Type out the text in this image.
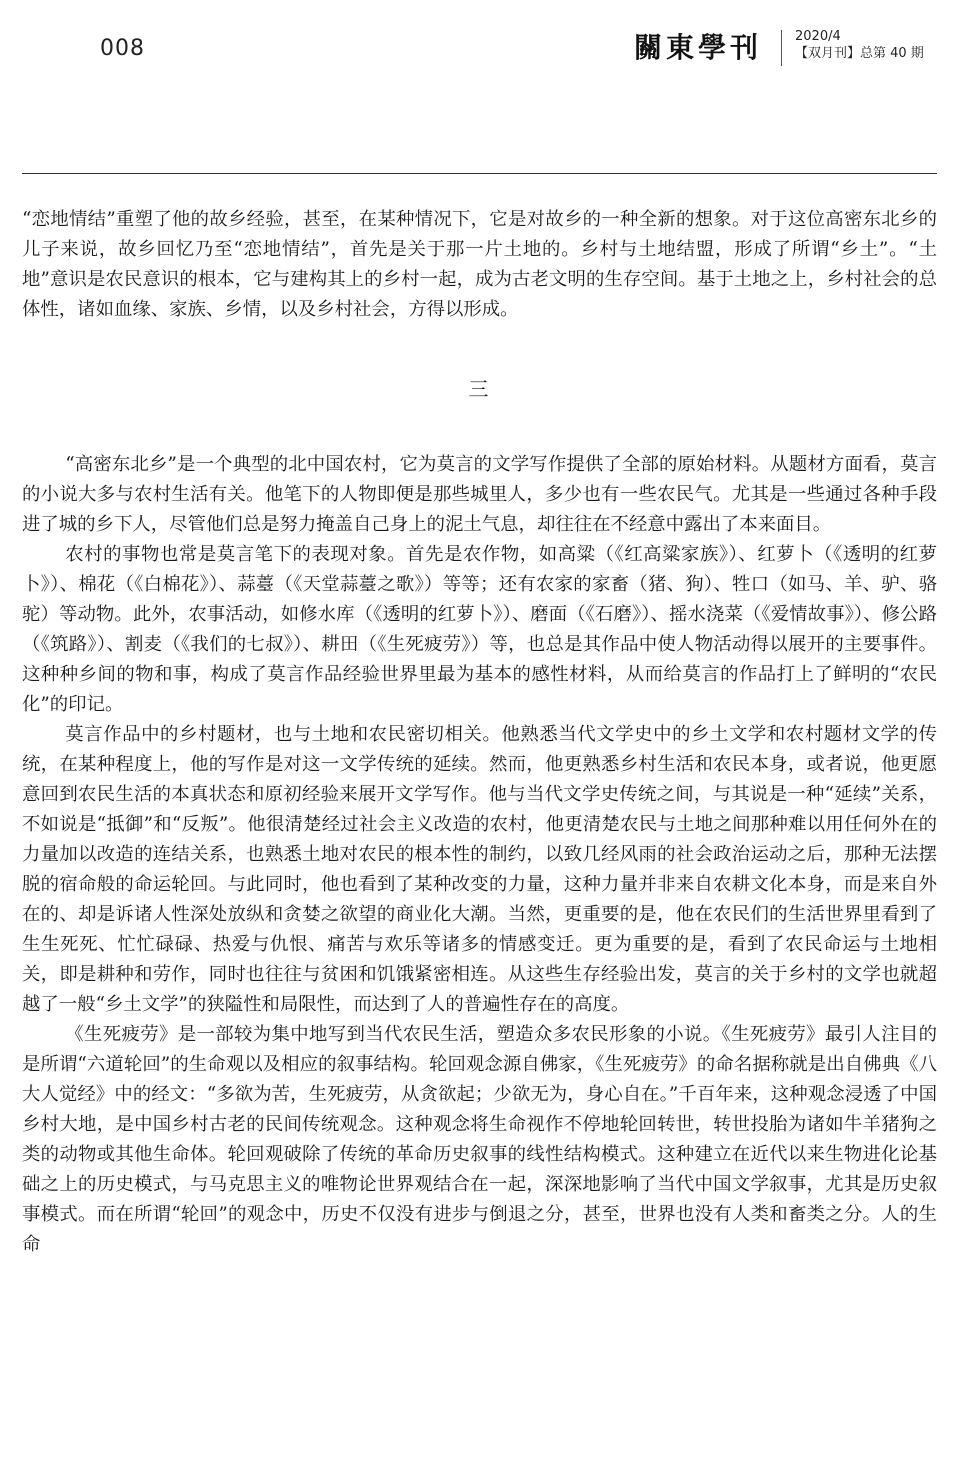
008	關東學刊	2020/4
【双月刊】总第 40 期

“恋地情结”重塑了他的故乡经验，甚至，在某种情况下，它是对故乡的一种全新的想象。对于这位高密东北乡的儿子来说，故乡回忆乃至“恋地情结”，首先是关于那一片土地的。乡村与土地结盟，形成了所谓“乡土”。“土地”意识是农民意识的根本，它与建构其上的乡村一起，成为古老文明的生存空间。基于土地之上，乡村社会的总体性，诸如血缘、家族、乡情，以及乡村社会，方得以形成。

三

“高密东北乡”是一个典型的北中国农村，它为莫言的文学写作提供了全部的原始材料。从题材方面看，莫言的小说大多与农村生活有关。他笔下的人物即便是那些城里人，多少也有一些农民气。尤其是一些通过各种手段进了城的乡下人，尽管他们总是努力掩盖自己身上的泥土气息，却往往在不经意中露出了本来面目。

农村的事物也常是莫言笔下的表现对象。首先是农作物，如高粱（《红高粱家族》）、红萝卜（《透明的红萝卜》）、棉花（《白棉花》）、蒜薹（《天堂蒜薹之歌》）等等；还有农家的家畜（猪、狗）、牲口（如马、羊、驴、骆驼）等动物。此外，农事活动，如修水库（《透明的红萝卜》）、磨面（《石磨》）、摇水浇菜（《爱情故事》）、修公路（《筑路》）、割麦（《我们的七叔》）、耕田（《生死疲劳》）等，也总是其作品中使人物活动得以展开的主要事件。这种种乡间的物和事，构成了莫言作品经验世界里最为基本的感性材料，从而给莫言的作品打上了鲜明的“农民化”的印记。

莫言作品中的乡村题材，也与土地和农民密切相关。他熟悉当代文学史中的乡土文学和农村题材文学的传统，在某种程度上，他的写作是对这一文学传统的延续。然而，他更熟悉乡村生活和农民本身，或者说，他更愿意回到农民生活的本真状态和原初经验来展开文学写作。他与当代文学史传统之间，与其说是一种“延续”关系，不如说是“抵御”和“反叛”。他很清楚经过社会主义改造的农村，他更清楚农民与土地之间那种难以用任何外在的力量加以改造的连结关系，也熟悉土地对农民的根本性的制约，以致几经风雨的社会政治运动之后，那种无法摆脱的宿命般的命运轮回。与此同时，他也看到了某种改变的力量，这种力量并非来自农耕文化本身，而是来自外在的、却是诉诸人性深处放纵和贪婪之欲望的商业化大潮。当然，更重要的是，他在农民们的生活世界里看到了生生死死、忙忙碌碌、热爱与仇恨、痛苦与欢乐等诸多的情感变迁。更为重要的是，看到了农民命运与土地相关，即是耕种和劳作，同时也往往与贫困和饥饿紧密相连。从这些生存经验出发，莫言的关于乡村的文学也就超越了一般“乡土文学”的狭隘性和局限性，而达到了人的普遍性存在的高度。

《生死疲劳》是一部较为集中地写到当代农民生活，塑造众多农民形象的小说。《生死疲劳》最引人注目的是所谓“六道轮回”的生命观以及相应的叙事结构。轮回观念源自佛家，《生死疲劳》的命名据称就是出自佛典《八大人觉经》中的经文：“多欲为苦，生死疲劳，从贪欲起；少欲无为，身心自在。”千百年来，这种观念浸透了中国乡村大地，是中国乡村古老的民间传统观念。这种观念将生命视作不停地轮回转世，转世投胎为诸如牛羊猪狗之类的动物或其他生命体。轮回观破除了传统的革命历史叙事的线性结构模式。这种建立在近代以来生物进化论基础之上的历史模式，与马克思主义的唯物论世界观结合在一起，深深地影响了当代中国文学叙事，尤其是历史叙事模式。而在所谓“轮回”的观念中，历史不仅没有进步与倒退之分，甚至，世界也没有人类和畜类之分。人的生命
